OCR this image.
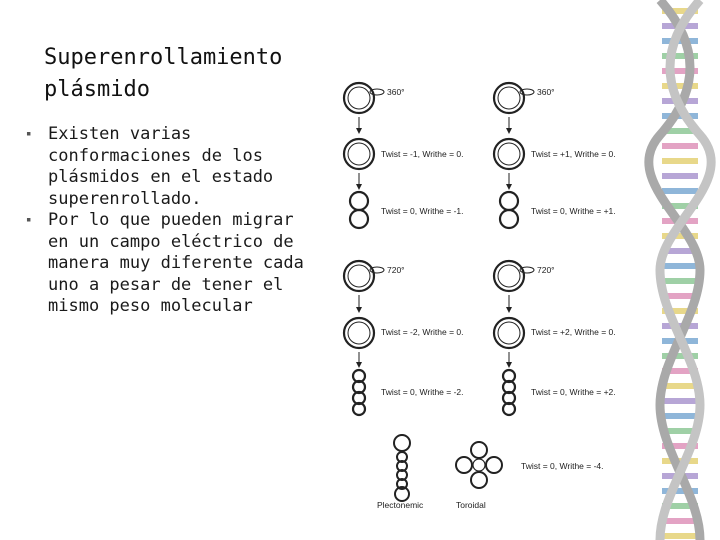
Superenrollamiento
plásmido
▪ Existen varias conformaciones de los plásmidos en el estado superenrollado.
▪ Por lo que pueden migrar en un campo eléctrico de manera muy diferente cada uno a pesar de tener el mismo peso molecular
360°
Twist = -1, Writhe = 0.
Twist = 0, Writhe = -1.
720°
Twist = -2, Writhe = 0.
Twist = 0, Writhe = -2.
360°
Twist = +1, Writhe = 0.
Twist = 0, Writhe = +1.
720°
Twist = +2, Writhe = 0.
Twist = 0, Writhe = +2.
Twist = 0, Writhe = -4.
Plectonemic	Toroidal
